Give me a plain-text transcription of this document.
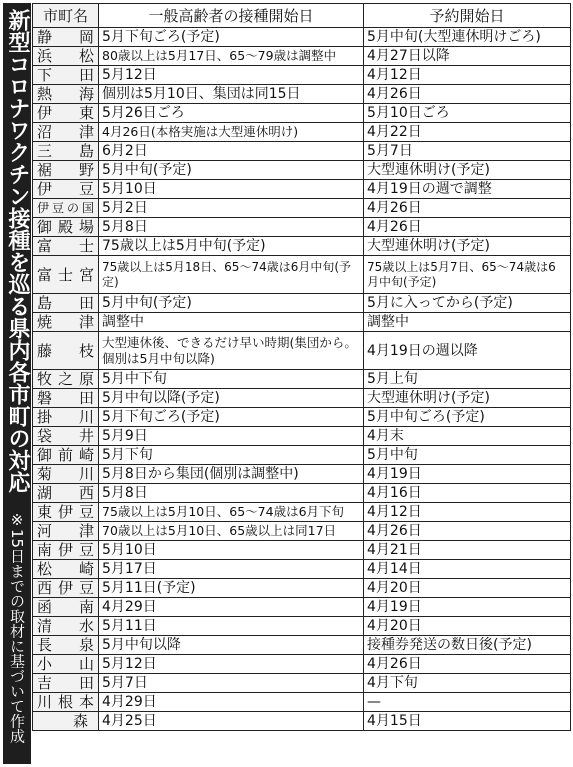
新型コロナワクチン接種を巡る県内各市町の対応
※15日までの取材に基づいて作成
市町名	一般高齢者の接種開始日	予約開始日
静岡	5月下旬ごろ(予定)	5月中旬(大型連休明けごろ)
浜松	80歳以上は5月17日、65～79歳は調整中	4月27日以降
下田	5月12日	4月12日
熱海	個別は5月10日、集団は同15日	4月26日
伊東	5月26日ごろ	5月10日ごろ
沼津	4月26日(本格実施は大型連休明け)	4月22日
三島	6月2日	5月7日
裾野	5月中旬(予定)	大型連休明け(予定)
伊豆	5月10日	4月19日の週で調整
伊豆の国	5月2日	4月26日
御殿場	5月8日	4月26日
富士	75歳以上は5月中旬(予定)	大型連休明け(予定)
富士宮	75歳以上は5月18日、65～74歳は6月中旬(予定)	75歳以上は5月7日、65～74歳は6月中旬(予定)
島田	5月中旬(予定)	5月に入ってから(予定)
焼津	調整中	調整中
藤枝	大型連休後、できるだけ早い時期(集団から。個別は5月中旬以降)	4月19日の週以降
牧之原	5月中下旬	5月上旬
磐田	5月中旬以降(予定)	大型連休明け(予定)
掛川	5月下旬ごろ(予定)	5月中旬ごろ(予定)
袋井	5月9日	4月末
御前崎	5月下旬	5月中旬
菊川	5月8日から集団(個別は調整中)	4月19日
湖西	5月8日	4月16日
東伊豆	75歳以上は5月10日、65～74歳は6月下旬	4月12日
河津	70歳以上は5月10日、65歳以上は同17日	4月26日
南伊豆	5月10日	4月21日
松崎	5月17日	4月14日
西伊豆	5月11日(予定)	4月20日
函南	4月29日	4月19日
清水	5月11日	4月20日
長泉	5月中旬以降	接種券発送の数日後(予定)
小山	5月12日	4月26日
吉田	5月7日	4月下旬
川根本	4月29日	—
森	4月25日	4月15日
